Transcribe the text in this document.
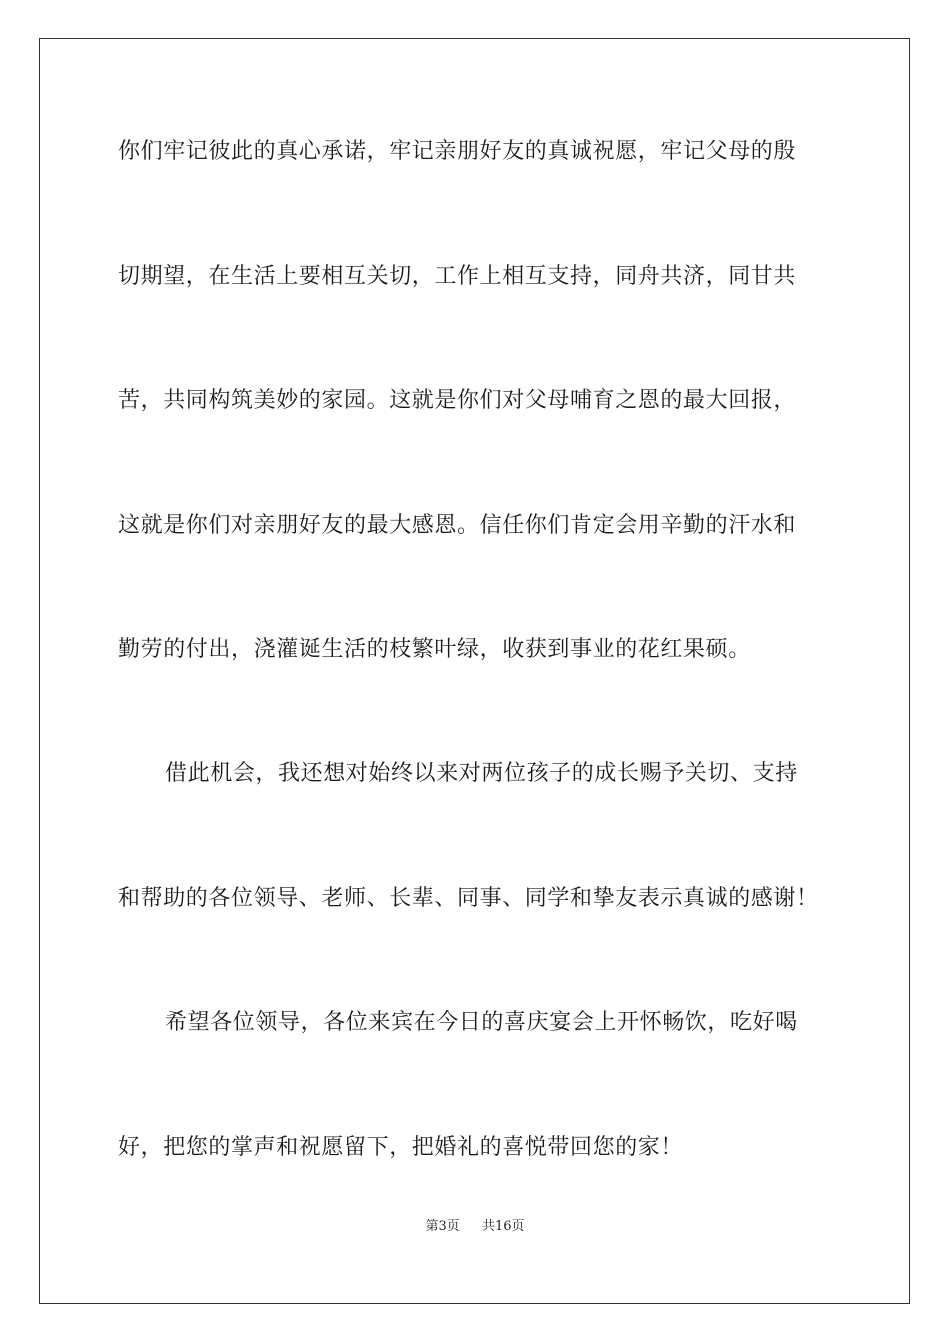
你们牢记彼此的真心承诺，牢记亲朋好友的真诚祝愿，牢记父母的殷
切期望，在生活上要相互关切，工作上相互支持，同舟共济，同甘共
苦，共同构筑美妙的家园。这就是你们对父母哺育之恩的最大回报，
这就是你们对亲朋好友的最大感恩。信任你们肯定会用辛勤的汗水和
勤劳的付出，浇灌诞生活的枝繁叶绿，收获到事业的花红果硕。
借此机会，我还想对始终以来对两位孩子的成长赐予关切、支持
和帮助的各位领导、老师、长辈、同事、同学和挚友表示真诚的感谢！
希望各位领导，各位来宾在今日的喜庆宴会上开怀畅饮，吃好喝
好，把您的掌声和祝愿留下，把婚礼的喜悦带回您的家！
第3页 共16页
